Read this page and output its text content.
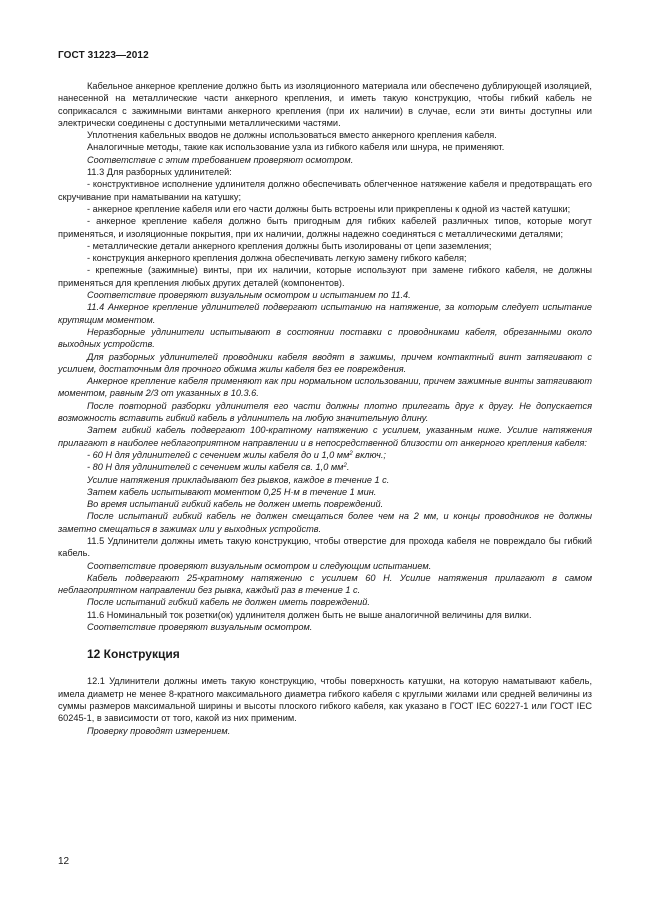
ГОСТ 31223—2012

Кабельное анкерное крепление должно быть из изоляционного материала или обеспечено дублирующей изоляцией, нанесенной на металлические части анкерного крепления, и иметь такую конструкцию, чтобы гибкий кабель не соприкасался с зажимными винтами анкерного крепления (при их наличии) в случае, если эти винты доступны или электрически соединены с доступными металлическими частями.

Уплотнения кабельных вводов не должны использоваться вместо анкерного крепления кабеля.

Аналогичные методы, такие как использование узла из гибкого кабеля или шнура, не применяют.

Соответствие с этим требованием проверяют осмотром.

11.3 Для разборных удлинителей:

- конструктивное исполнение удлинителя должно обеспечивать облегченное натяжение кабеля и предотвращать его скручивание при наматывании на катушку;

- анкерное крепление кабеля или его части должны быть встроены или прикреплены к одной из частей катушки;

- анкерное крепление кабеля должно быть пригодным для гибких кабелей различных типов, которые могут применяться, и изоляционные покрытия, при их наличии, должны надежно соединяться с металлическими деталями;

- металлические детали анкерного крепления должны быть изолированы от цепи заземления;

- конструкция анкерного крепления должна обеспечивать легкую замену гибкого кабеля;

- крепежные (зажимные) винты, при их наличии, которые используют при замене гибкого кабеля, не должны применяться для крепления любых других деталей (компонентов).

Соответствие проверяют визуальным осмотром и испытанием по 11.4.

11.4 Анкерное крепление удлинителей подвергают испытанию на натяжение, за которым следует испытание крутящим моментом.

Неразборные удлинители испытывают в состоянии поставки с проводниками кабеля, обрезанными около выходных устройств.

Для разборных удлинителей проводники кабеля вводят в зажимы, причем контактный винт затягивают с усилием, достаточным для прочного обжима жилы кабеля без ее повреждения.

Анкерное крепление кабеля применяют как при нормальном использовании, причем зажимные винты затягивают моментом, равным 2/3 от указанных в 10.3.6.

После повторной разборки удлинителя его части должны плотно прилегать друг к другу. Не допускается возможность вставить гибкий кабель в удлинитель на любую значительную длину.

Затем гибкий кабель подвергают 100-кратному натяжению с усилием, указанным ниже. Усилие натяжения прилагают в наиболее неблагоприятном направлении и в непосредственной близости от анкерного крепления кабеля:

- 60 Н для удлинителей с сечением жилы кабеля до и 1,0 $мм^2$ включ.;

- 80 Н для удлинителей с сечением жилы кабеля св. 1,0 $мм^2$.

Усилие натяжения прикладывают без рывков, каждое в течение 1 с.

Затем кабель испытывают моментом 0,25 Н·м в течение 1 мин.

Во время испытаний гибкий кабель не должен иметь повреждений.

После испытаний гибкий кабель не должен смещаться более чем на 2 мм, и концы проводников не должны заметно смещаться в зажимах или у выходных устройств.

11.5 Удлинители должны иметь такую конструкцию, чтобы отверстие для прохода кабеля не повреждало бы гибкий кабель.

Соответствие проверяют визуальным осмотром и следующим испытанием.

Кабель подвергают 25-кратному натяжению с усилием 60 Н. Усилие натяжения прилагают в самом неблагоприятном направлении без рывка, каждый раз в течение 1 с.

После испытаний гибкий кабель не должен иметь повреждений.

11.6 Номинальный ток розетки(ок) удлинителя должен быть не выше аналогичной величины для вилки.

Соответствие проверяют визуальным осмотром.

12 Конструкция

12.1 Удлинители должны иметь такую конструкцию, чтобы поверхность катушки, на которую наматывают кабель, имела диаметр не менее 8-кратного максимального диаметра гибкого кабеля с круглыми жилами или средней величины из суммы размеров максимальной ширины и высоты плоского гибкого кабеля, как указано в ГОСТ IEC 60227-1 или ГОСТ IEC 60245-1, в зависимости от того, какой из них применим.

Проверку проводят измерением.

12
